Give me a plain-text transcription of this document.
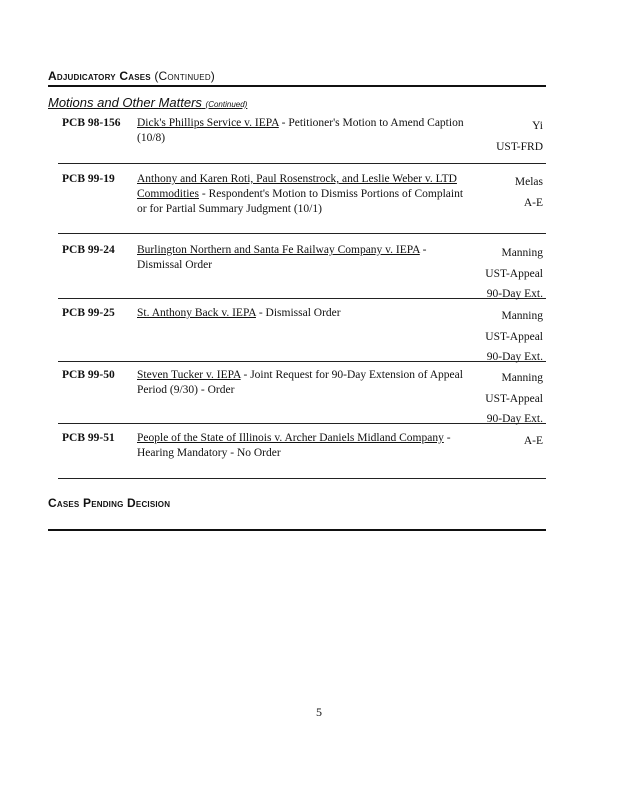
Adjudicatory Cases (Continued)
Motions and Other Matters (Continued)
PCB 98-156 Dick's Phillips Service v. IEPA - Petitioner's Motion to Amend Caption (10/8)
Yi
UST-FRD
PCB 99-19 Anthony and Karen Roti, Paul Rosenstrock, and Leslie Weber v. LTD Commodities - Respondent's Motion to Dismiss Portions of Complaint or for Partial Summary Judgment (10/1)
Melas
A-E
PCB 99-24 Burlington Northern and Santa Fe Railway Company v. IEPA - Dismissal Order
Manning
UST-Appeal
90-Day Ext.
PCB 99-25 St. Anthony Back v. IEPA - Dismissal Order	Manning
UST-Appeal
90-Day Ext.
PCB 99-50 Steven Tucker v. IEPA - Joint Request for 90-Day Extension of Appeal Period (9/30) - Order
Manning
UST-Appeal
90-Day Ext.
PCB 99-51 People of the State of Illinois v. Archer Daniels Midland Company - Hearing Mandatory - No Order
A-E
Cases Pending Decision
5
